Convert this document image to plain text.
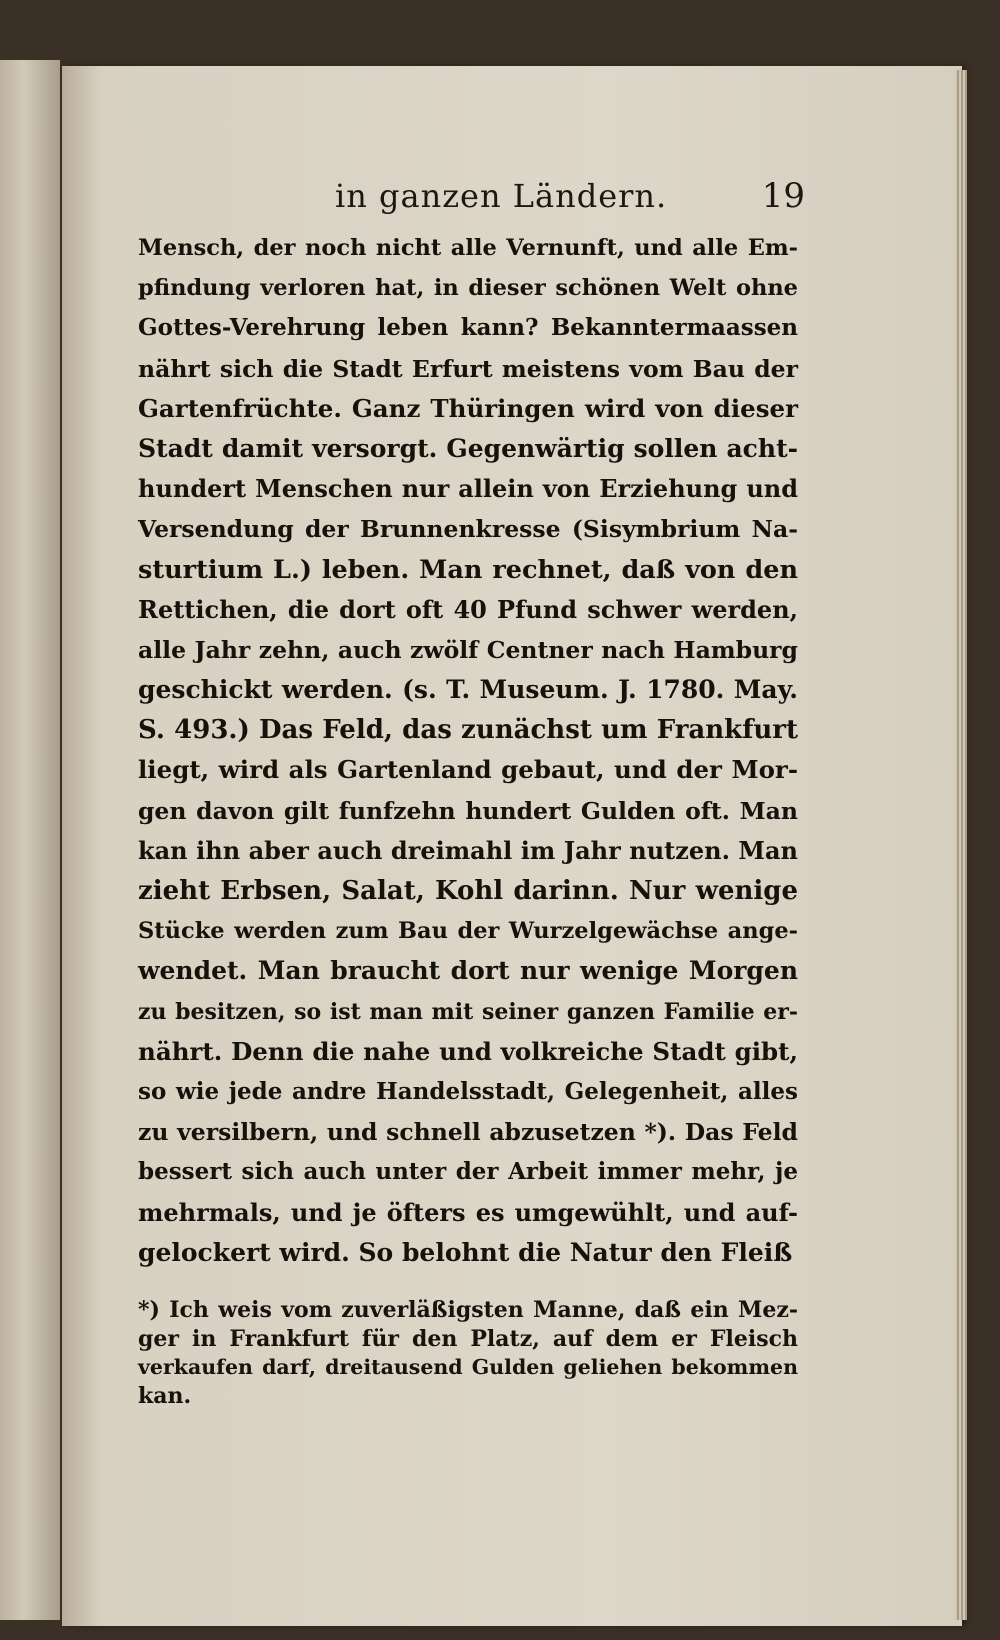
in ganzen Ländern.	19
Mensch, der noch nicht alle Vernunft, und alle Em-
pfindung verloren hat, in dieser schönen Welt ohne
Gottes-Verehrung leben kann? Bekanntermaassen
nährt sich die Stadt Erfurt meistens vom Bau der
Gartenfrüchte. Ganz Thüringen wird von dieser
Stadt damit versorgt. Gegenwärtig sollen acht-
hundert Menschen nur allein von Erziehung und
Versendung der Brunnenkresse (Sisymbrium Na-
sturtium L.) leben. Man rechnet, daß von den
Rettichen, die dort oft 40 Pfund schwer werden,
alle Jahr zehn, auch zwölf Centner nach Hamburg
geschickt werden. (s. T. Museum. J. 1780. May.
S. 493.) Das Feld, das zunächst um Frankfurt
liegt, wird als Gartenland gebaut, und der Mor-
gen davon gilt funfzehn hundert Gulden oft. Man
kan ihn aber auch dreimahl im Jahr nutzen. Man
zieht Erbsen, Salat, Kohl darinn. Nur wenige
Stücke werden zum Bau der Wurzelgewächse ange-
wendet. Man braucht dort nur wenige Morgen
zu besitzen, so ist man mit seiner ganzen Familie er-
nährt. Denn die nahe und volkreiche Stadt gibt,
so wie jede andre Handelsstadt, Gelegenheit, alles
zu versilbern, und schnell abzusetzen *). Das Feld
bessert sich auch unter der Arbeit immer mehr, je
mehrmals, und je öfters es umgewühlt, und auf-
gelockert wird. So belohnt die Natur den Fleiß
*) Ich weis vom zuverläßigsten Manne, daß ein Mez-
ger in Frankfurt für den Platz, auf dem er Fleisch
verkaufen darf, dreitausend Gulden geliehen bekommen
kan.
